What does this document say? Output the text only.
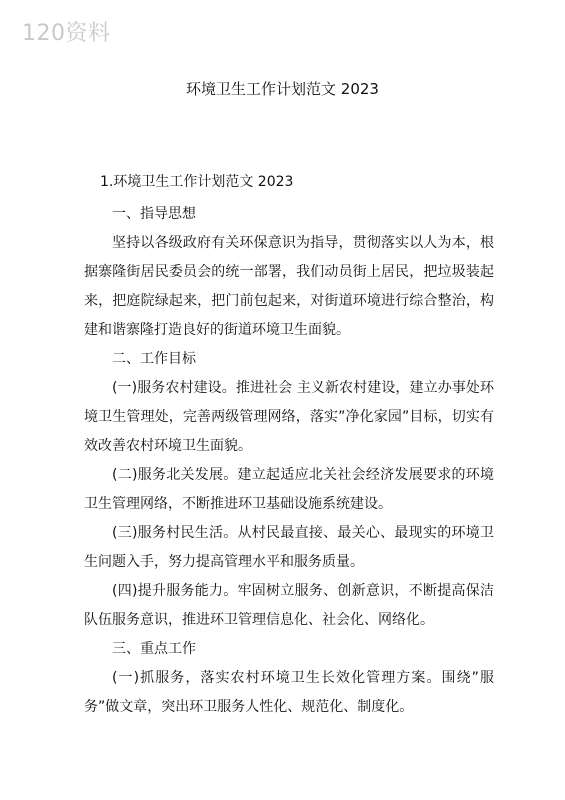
120资料
环境卫生工作计划范文 2023
1.环境卫生工作计划范文 2023

一、指导思想

坚持以各级政府有关环保意识为指导，贯彻落实以人为本，根据寨隆街居民委员会的统一部署，我们动员街上居民，把垃圾装起来，把庭院绿起来，把门前包起来，对街道环境进行综合整治，构建和谐寨隆打造良好的街道环境卫生面貌。

二、工作目标

(一)服务农村建设。推进社会 主义新农村建设，建立办事处环境卫生管理处，完善两级管理网络，落实”净化家园”目标，切实有效改善农村环境卫生面貌。

(二)服务北关发展。建立起适应北关社会经济发展要求的环境卫生管理网络，不断推进环卫基础设施系统建设。

(三)服务村民生活。从村民最直接、最关心、最现实的环境卫生问题入手，努力提高管理水平和服务质量。

(四)提升服务能力。牢固树立服务、创新意识，不断提高保洁队伍服务意识，推进环卫管理信息化、社会化、网络化。

三、重点工作

(一)抓服务，落实农村环境卫生长效化管理方案。围绕”服务”做文章，突出环卫服务人性化、规范化、制度化。
